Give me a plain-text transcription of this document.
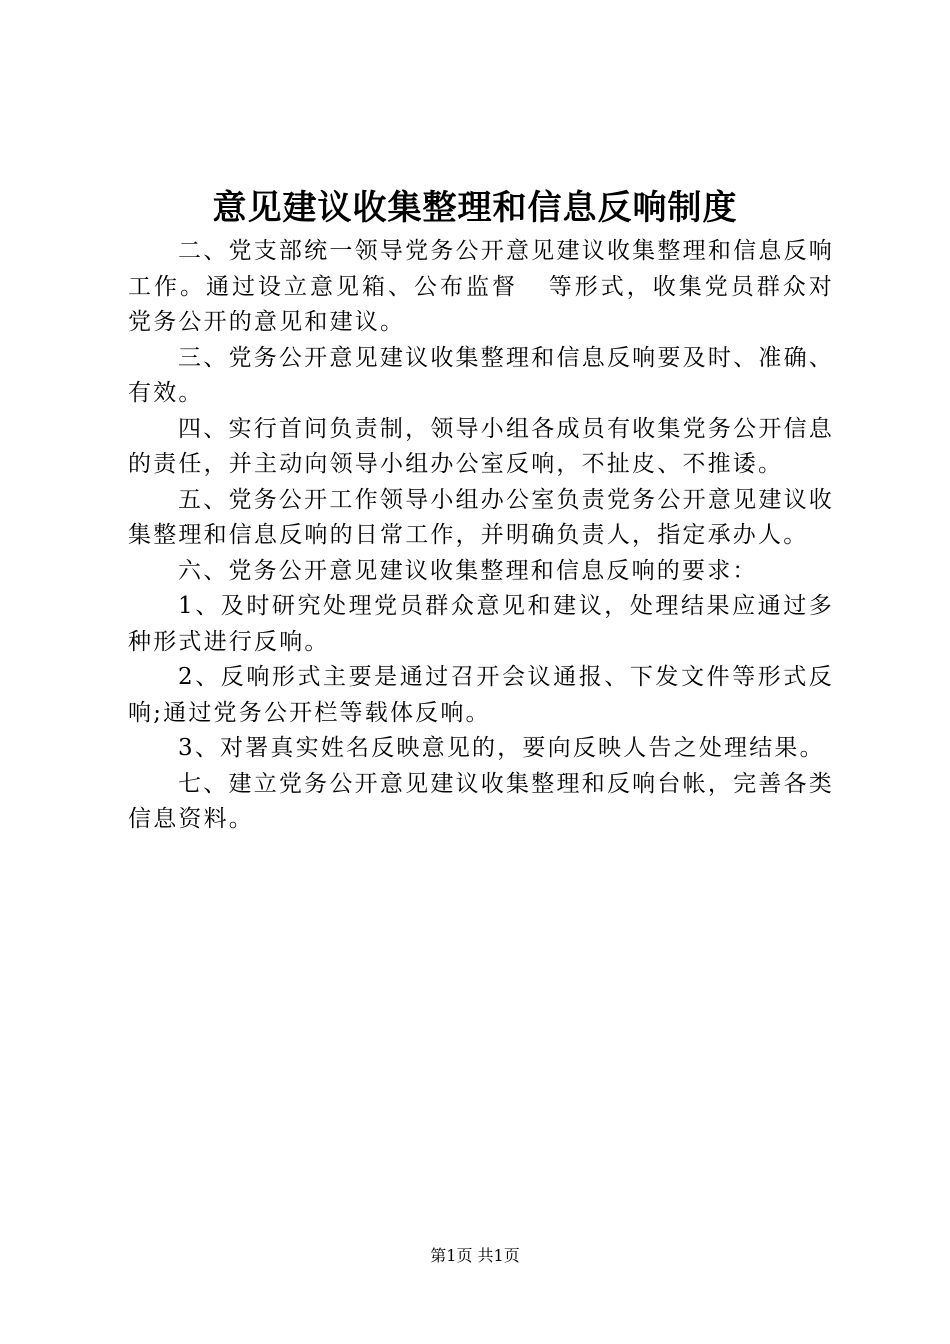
意见建议收集整理和信息反响制度

二、党支部统一领导党务公开意见建议收集整理和信息反响工作。通过设立意见箱、公布监督 等形式，收集党员群众对党务公开的意见和建议。

三、党务公开意见建议收集整理和信息反响要及时、准确、有效。

四、实行首问负责制，领导小组各成员有收集党务公开信息的责任，并主动向领导小组办公室反响，不扯皮、不推诿。

五、党务公开工作领导小组办公室负责党务公开意见建议收集整理和信息反响的日常工作，并明确负责人，指定承办人。

六、党务公开意见建议收集整理和信息反响的要求：

1、及时研究处理党员群众意见和建议，处理结果应通过多种形式进行反响。

2、反响形式主要是通过召开会议通报、下发文件等形式反响;通过党务公开栏等载体反响。

3、对署真实姓名反映意见的，要向反映人告之处理结果。

七、建立党务公开意见建议收集整理和反响台帐，完善各类信息资料。

第1页 共1页
